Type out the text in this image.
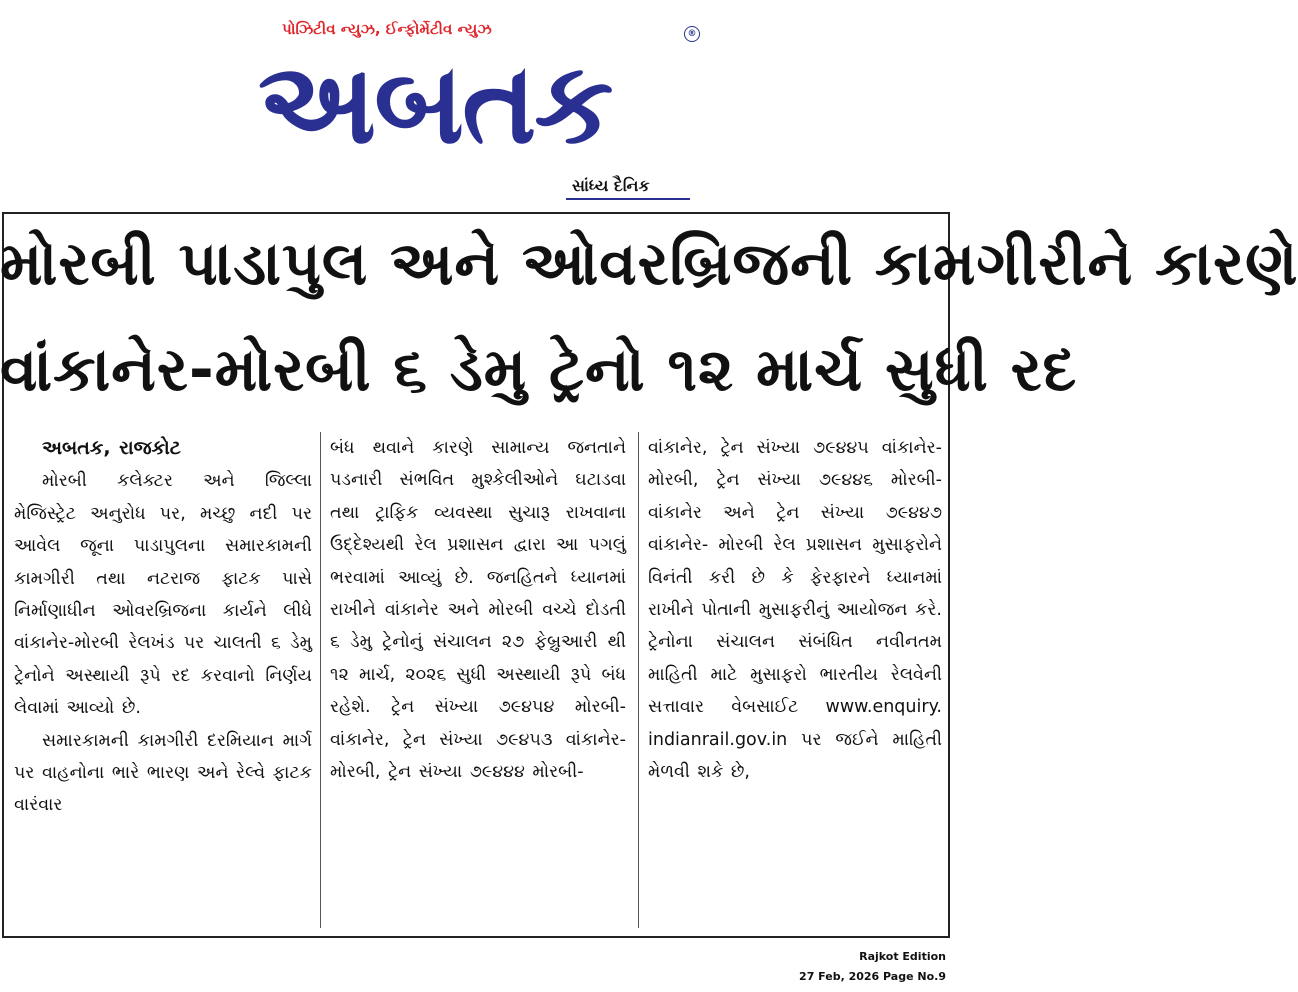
પોઝિટીવ ન્યુઝ, ઈન્ફોર્મેટીવ ન્યુઝ
અબતક
®
સાંધ્ય દૈનિક
મોરબી પાડાપુલ અને ઓવરબ્રિજની કામગીરીને કારણે
વાંકાનેર-મોરબી ૬ ડેમુ ટ્રેનો ૧૨ માર્ચ સુધી રદ

અબતક, રાજકોટ

મોરબી કલેક્ટર અને જિલ્લા મેજિસ્ટ્રેટ અનુરોધ પર, મચ્છુ નદી પર આવેલ જૂના પાડાપુલના સમારકામની કામગીરી તથા નટરાજ ફાટક પાસે નિર્માણાધીન ઓવરબ્રિજના કાર્યને લીધે વાંકાનેર-મોરબી રેલખંડ પર ચાલતી ૬ ડેમુ ટ્રેનોને અસ્થાયી રૂપે રદ કરવાનો નિર્ણય લેવામાં આવ્યો છે.

સમારકામની કામગીરી દરમિયાન માર્ગ પર વાહનોના ભારે ભારણ અને રેલ્વે ફાટક વારંવાર

બંધ થવાને કારણે સામાન્ય જનતાને પડનારી સંભવિત મુશ્કેલીઓને ઘટાડવા તથા ટ્રાફિક વ્યવસ્થા સુચારૂ રાખવાના ઉદ્દેશ્યથી રેલ પ્રશાસન દ્વારા આ પગલું ભરવામાં આવ્યું છે. જનહિતને ધ્યાનમાં રાખીને વાંકાનેર અને મોરબી વચ્ચે દોડતી ૬ ડેમુ ટ્રેનોનું સંચાલન ૨૭ ફેબ્રુઆરી થી ૧૨ માર્ચ, ૨૦૨૬ સુધી અસ્થાયી રૂપે બંધ રહેશે. ટ્રેન સંખ્યા ૭૯૪૫૪ મોરબી-વાંકાનેર, ટ્રેન સંખ્યા ૭૯૪૫૩ વાંકાનેર-મોરબી, ટ્રેન સંખ્યા ૭૯૪૪૪ મોરબી-

વાંકાનેર, ટ્રેન સંખ્યા ૭૯૪૪૫ વાંકાનેર- મોરબી, ટ્રેન સંખ્યા ૭૯૪૪૬ મોરબી-વાંકાનેર અને ટ્રેન સંખ્યા ૭૯૪૪૭ વાંકાનેર- મોરબી રેલ પ્રશાસન મુસાફરોને વિનંતી કરી છે કે ફેરફારને ધ્યાનમાં રાખીને પોતાની મુસાફરીનું આયોજન કરે. ટ્રેનોના સંચાલન સંબંધિત નવીનતમ માહિતી માટે મુસાફરો ભારતીય રેલવેની સત્તાવાર વેબસાઈટ www.enquiry. indianrail.gov.in પર જઈને માહિતી મેળવી શકે છે,

Rajkot Edition
27 Feb, 2026 Page No.9
